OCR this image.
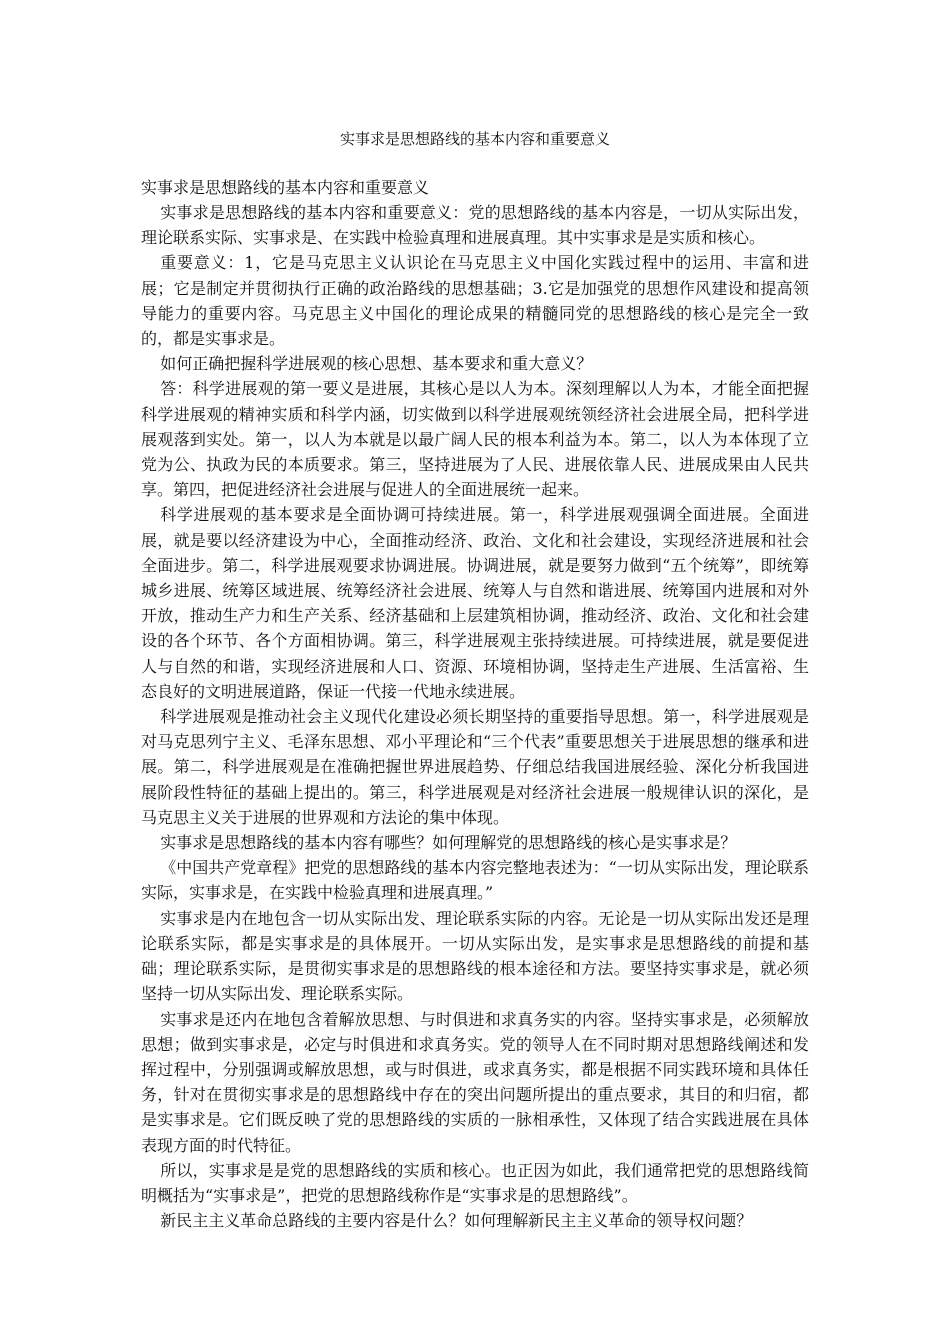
实事求是思想路线的基本内容和重要意义

实事求是思想路线的基本内容和重要意义

实事求是思想路线的基本内容和重要意义：党的思想路线的基本内容是，一切从实际出发，理论联系实际、实事求是、在实践中检验真理和进展真理。其中实事求是是实质和核心。

重要意义：1，它是马克思主义认识论在马克思主义中国化实践过程中的运用、丰富和进展；它是制定并贯彻执行正确的政治路线的思想基础；3.它是加强党的思想作风建设和提高领导能力的重要内容。马克思主义中国化的理论成果的精髓同党的思想路线的核心是完全一致的，都是实事求是。

如何正确把握科学进展观的核心思想、基本要求和重大意义？

答：科学进展观的第一要义是进展，其核心是以人为本。深刻理解以人为本，才能全面把握科学进展观的精神实质和科学内涵，切实做到以科学进展观统领经济社会进展全局，把科学进展观落到实处。第一，以人为本就是以最广阔人民的根本利益为本。第二，以人为本体现了立党为公、执政为民的本质要求。第三，坚持进展为了人民、进展依靠人民、进展成果由人民共享。第四，把促进经济社会进展与促进人的全面进展统一起来。

科学进展观的基本要求是全面协调可持续进展。第一，科学进展观强调全面进展。全面进展，就是要以经济建设为中心，全面推动经济、政治、文化和社会建设，实现经济进展和社会全面进步。第二，科学进展观要求协调进展。协调进展，就是要努力做到“五个统筹”，即统筹城乡进展、统筹区域进展、统筹经济社会进展、统筹人与自然和谐进展、统筹国内进展和对外开放，推动生产力和生产关系、经济基础和上层建筑相协调，推动经济、政治、文化和社会建设的各个环节、各个方面相协调。第三，科学进展观主张持续进展。可持续进展，就是要促进人与自然的和谐，实现经济进展和人口、资源、环境相协调，坚持走生产进展、生活富裕、生态良好的文明进展道路，保证一代接一代地永续进展。

科学进展观是推动社会主义现代化建设必须长期坚持的重要指导思想。第一，科学进展观是对马克思列宁主义、毛泽东思想、邓小平理论和“三个代表”重要思想关于进展思想的继承和进展。第二，科学进展观是在准确把握世界进展趋势、仔细总结我国进展经验、深化分析我国进展阶段性特征的基础上提出的。第三，科学进展观是对经济社会进展一般规律认识的深化，是马克思主义关于进展的世界观和方法论的集中体现。

实事求是思想路线的基本内容有哪些？如何理解党的思想路线的核心是实事求是？

《中国共产党章程》把党的思想路线的基本内容完整地表述为：“一切从实际出发，理论联系实际，实事求是，在实践中检验真理和进展真理。”

实事求是内在地包含一切从实际出发、理论联系实际的内容。无论是一切从实际出发还是理论联系实际，都是实事求是的具体展开。一切从实际出发，是实事求是思想路线的前提和基础；理论联系实际，是贯彻实事求是的思想路线的根本途径和方法。要坚持实事求是，就必须坚持一切从实际出发、理论联系实际。

实事求是还内在地包含着解放思想、与时俱进和求真务实的内容。坚持实事求是，必须解放思想；做到实事求是，必定与时俱进和求真务实。党的领导人在不同时期对思想路线阐述和发挥过程中，分别强调或解放思想，或与时俱进，或求真务实，都是根据不同实践环境和具体任务，针对在贯彻实事求是的思想路线中存在的突出问题所提出的重点要求，其目的和归宿，都是实事求是。它们既反映了党的思想路线的实质的一脉相承性，又体现了结合实践进展在具体表现方面的时代特征。

所以，实事求是是党的思想路线的实质和核心。也正因为如此，我们通常把党的思想路线简明概括为“实事求是”，把党的思想路线称作是“实事求是的思想路线”。

新民主主义革命总路线的主要内容是什么？如何理解新民主主义革命的领导权问题？
